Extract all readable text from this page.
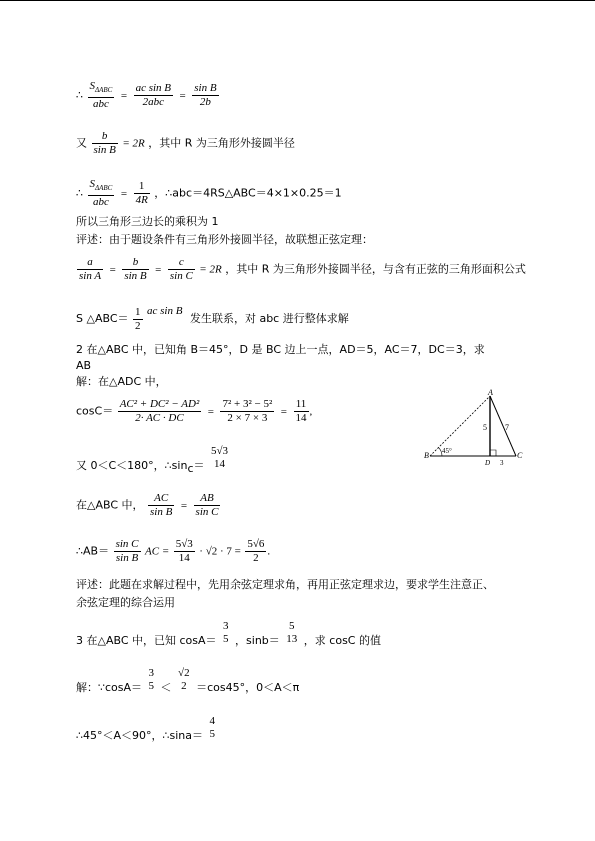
∴ $\frac{S_{\Delta ABC}}{\text{abc}} = \frac{\text{ac sin B}}{\text{2abc}} = \frac{\text{sin B}}{2b}$
又 $\frac{b}{\text{sin B}} = 2R$ ，其中 R 为三角形外接圆半径
∴ $\frac{S_{\Delta ABC}}{\text{abc}} = \frac{1}{4R}$ ，∴abc＝4RS△ABC＝4×1×0.25＝1
所以三角形三边长的乘积为 1
评述：由于题设条件有三角形外接圆半径，故联想正弦定理：
$\frac{a}{\text{sin A}} = \frac{b}{\text{sin B}} = \frac{c}{\text{sin C}} = 2R$ ，其中 R 为三角形外接圆半径，与含有正弦的三角形面积公式
S △ABC＝ $\frac{1}{2}$ ac sin B 发生联系，对 abc 进行整体求解
2 在△ABC 中，已知角 B＝45°，D 是 BC 边上一点，AD＝5，AC＝7，DC＝3，求
AB
解：在△ADC 中，
$\cos C= \frac{\text{AC² + DC² − AD²}}{2\cdot AC \cdot DC} = \frac{\text{7² + 3² − 5²}}{2 \times 7 \times 3} = \frac{11}{14}$ ,
又 0＜C＜180°，∴sinc＝
5√3
14
在△ABC 中， $\frac{AC}{\text{sin B}} = \frac{AB}{\text{sin C}}$
∴AB＝ $\frac{\text{sin C}}{\text{sin B}}$ AC = $\frac{5√3}{14} \cdot √2 \cdot 7 = \frac{5√6}{2}$ .
评述：此题在求解过程中，先用余弦定理求角，再用正弦定理求边，要求学生注意正、
余弦定理的综合运用
3 在△ABC 中，已知 cosA＝
3
5 ，sinb＝
5
13 ，求 cosC 的值
解：∵cosA＝
3
5 ＜
√2
2 ＝cos45°，0＜A＜π
∴45°＜A＜90°，∴sina＝
4
5
A
B
D
C
45°
5 7
3
